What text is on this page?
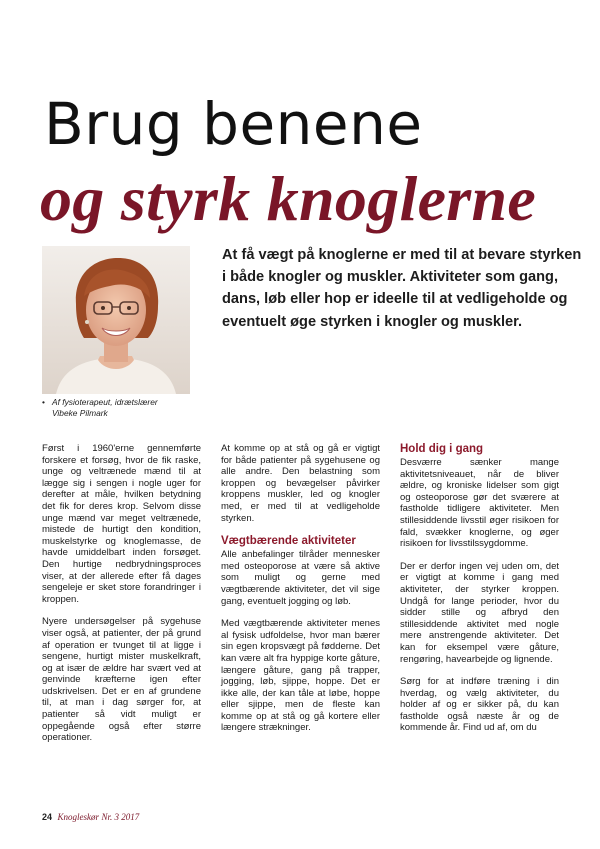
Brug benene
og styrk knoglerne

At få vægt på knoglerne er med til at bevare styrken i både knogler og muskler. Aktiviteter som gang, dans, løb eller hop er ideelle til at vedligeholde og eventuelt øge styrken i knogler og muskler.

• Af fysioterapeut, idrætslærer
Vibeke Pilmark

Først i 1960'erne gennemførte forskere et forsøg, hvor de fik raske, unge og veltrænede mænd til at lægge sig i sengen i nogle uger for derefter at måle, hvilken betydning det fik for deres krop. Selvom disse unge mænd var meget veltrænede, mistede de hurtigt den kondition, muskelstyrke og knoglemasse, de havde umiddelbart inden forsøget. Den hurtige nedbrydningsproces viser, at der allerede efter få dages sengeleje er sket store forandringer i kroppen.

Nyere undersøgelser på sygehuse viser også, at patienter, der på grund af operation er tvunget til at ligge i sengene, hurtigt mister muskelkraft, og at især de ældre har svært ved at genvinde kræfterne igen efter udskrivelsen. Det er en af grundene til, at man i dag sørger for, at patienter så vidt muligt er oppegående også efter større operationer.

At komme op at stå og gå er vigtigt for både patienter på sygehusene og alle andre. Den belastning som kroppen og bevægelser påvirker kroppens muskler, led og knogler med, er med til at vedligeholde styrken.

Vægtbærende aktiviteter

Alle anbefalinger tilråder mennesker med osteoporose at være så aktive som muligt og gerne med vægtbærende aktiviteter, det vil sige gang, eventuelt jogging og løb.

Med vægtbærende aktiviteter menes al fysisk udfoldelse, hvor man bærer sin egen kropsvægt på fødderne. Det kan være alt fra hyppige korte gåture, længere gåture, gang på trapper, jogging, løb, sjippe, hoppe. Det er ikke alle, der kan tåle at løbe, hoppe eller sjippe, men de fleste kan komme op at stå og gå kortere eller længere strækninger.

Hold dig i gang

Desværre sænker mange aktivitetsniveauet, når de bliver ældre, og kroniske lidelser som gigt og osteoporose gør det sværere at fastholde tidligere aktiviteter. Men stillesiddende livsstil øger risikoen for fald, svækker knoglerne, og øger risikoen for livsstilssygdomme.

Der er derfor ingen vej uden om, det er vigtigt at komme i gang med aktiviteter, der styrker kroppen. Undgå for lange perioder, hvor du sidder stille og afbryd den stillesiddende aktivitet med nogle mere anstrengende aktiviteter. Det kan for eksempel være gåture, rengøring, havearbejde og lignende.

Sørg for at indføre træning i din hverdag, og vælg aktiviteter, du holder af og er sikker på, du kan fastholde også næste år og de kommende år. Find ud af, om du

24 Knogleskør Nr. 3 2017
